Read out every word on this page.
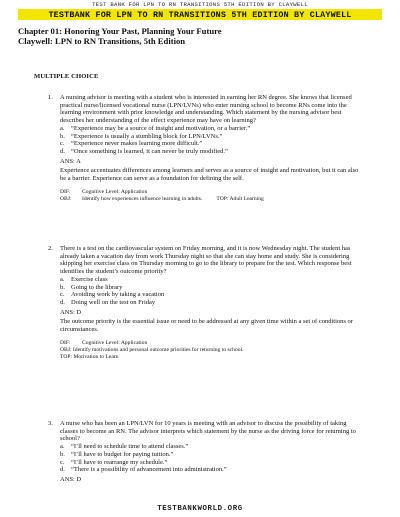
TEST BANK FOR LPN TO RN TRANSITIONS 5TH EDITION BY CLAYWELL
TESTBANK FOR LPN TO RN TRANSITIONS 5TH EDITION BY CLAYWELL
Chapter 01: Honoring Your Past, Planning Your Future
Claywell: LPN to RN Transitions, 5th Edition
MULTIPLE CHOICE
1. A nursing advisor is meeting with a student who is interested in earning her RN degree. She knows that licensed practical nurse/licensed vocational nurse (LPN/LVNs) who enter nursing school to become RNs come into the learning environment with prior knowledge and understanding. Which statement by the nursing advisor best describes her understanding of the effect experience may have on learning?

a. “Experience may be a source of insight and motivation, or a barrier.”
b. “Experience is usually a stumbling block for LPN/LVNs.”
c. “Experience never makes learning more difficult.”
d. “Once something is learned, it can never be truly modified.”
ANS: A

Experience accentuates differences among learners and serves as a source of insight and motivation, but it can also be a barrier. Experience can serve as a foundation for defining the self.

DIF: Cognitive Level: Application
OBJ: Identify how experiences influence learning in adults.	TOP: Adult Learning
2. There is a test on the cardiovascular system on Friday morning, and it is now Wednesday night. The student has already taken a vacation day from work Thursday night so that she can stay home and study. She is considering skipping her exercise class on Thursday morning to go to the library to prepare for the test. Which response best identifies the student’s outcome priority?

a. Exercise class
b. Going to the library
c. Avoiding work by taking a vacation
d. Doing well on the test on Friday
ANS: D

The outcome priority is the essential issue or need to be addressed at any given time within a set of conditions or circumstances.

DIF: Cognitive Level: Application
OBJ: Identify motivations and personal outcome priorities for returning to school.
TOP: Motivation to Learn
3. A nurse who has been an LPN/LVN for 10 years is meeting with an advisor to discuss the possibility of taking classes to become an RN. The advisor interprets which statement by the nurse as the driving force for returning to school?

a. “I’ll need to schedule time to attend classes.”
b. “I’ll have to budget for paying tuition.”
c. “I’ll have to rearrange my schedule.”
d. “There is a possibility of advancement into administration.”
ANS: D
TESTBANKWORLD.ORG
